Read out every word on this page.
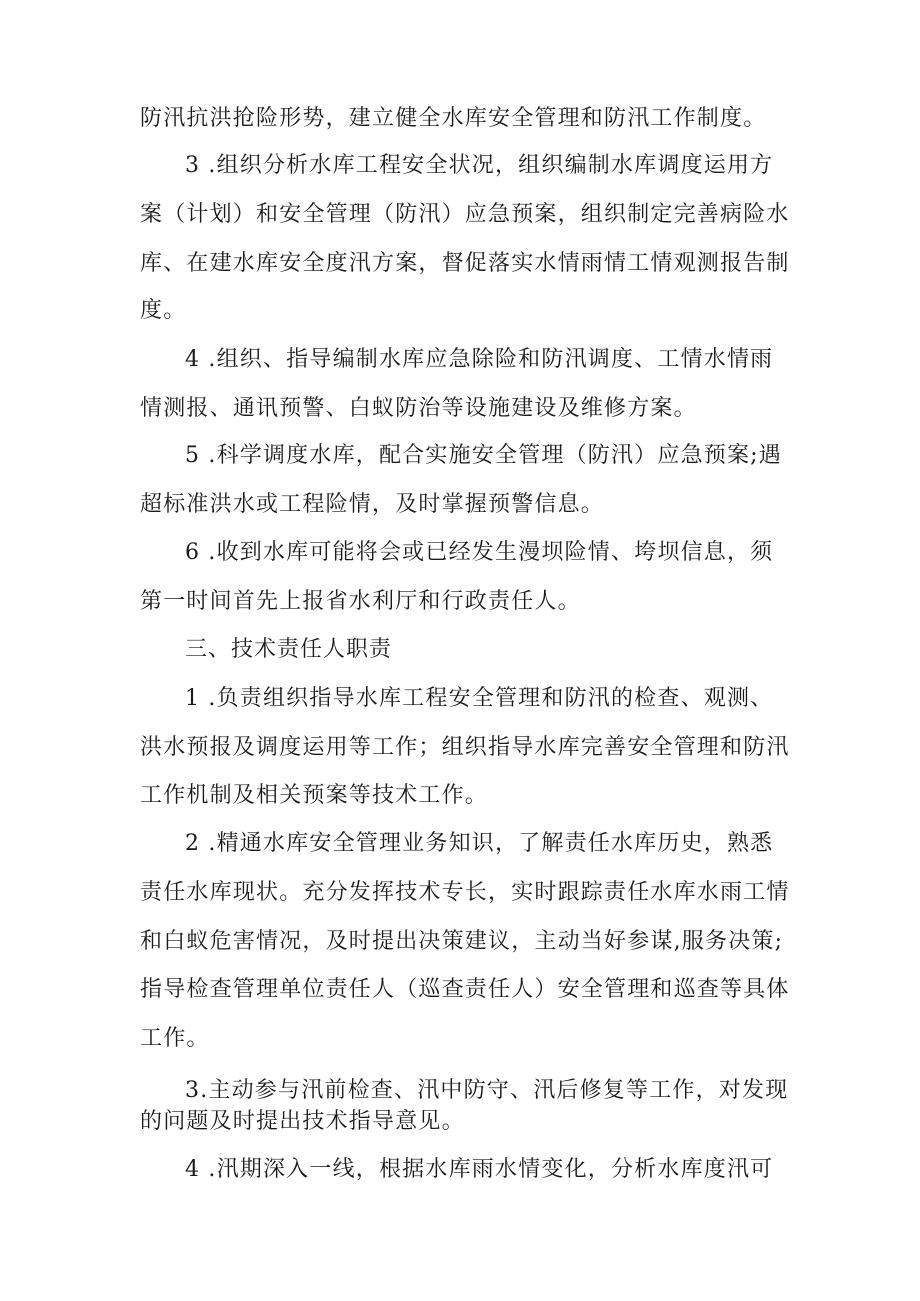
防汛抗洪抢险形势，建立健全水库安全管理和防汛工作制度。
3 .组织分析水库工程安全状况，组织编制水库调度运用方
案（计划）和安全管理（防汛）应急预案，组织制定完善病险水
库、在建水库安全度汛方案，督促落实水情雨情工情观测报告制
度。
4 .组织、指导编制水库应急除险和防汛调度、工情水情雨
情测报、通讯预警、白蚁防治等设施建设及维修方案。
5 .科学调度水库，配合实施安全管理（防汛）应急预案;遇
超标准洪水或工程险情，及时掌握预警信息。
6 .收到水库可能将会或已经发生漫坝险情、垮坝信息，须
第一时间首先上报省水利厅和行政责任人。
三、技术责任人职责
1 .负责组织指导水库工程安全管理和防汛的检查、观测、
洪水预报及调度运用等工作；组织指导水库完善安全管理和防汛
工作机制及相关预案等技术工作。
2 .精通水库安全管理业务知识，了解责任水库历史，熟悉
责任水库现状。充分发挥技术专长，实时跟踪责任水库水雨工情
和白蚁危害情况，及时提出决策建议，主动当好参谋,服务决策;
指导检查管理单位责任人（巡查责任人）安全管理和巡查等具体
工作。
3.主动参与汛前检查、汛中防守、汛后修复等工作，对发现
的问题及时提出技术指导意见。
4 .汛期深入一线，根据水库雨水情变化，分析水库度汛可
